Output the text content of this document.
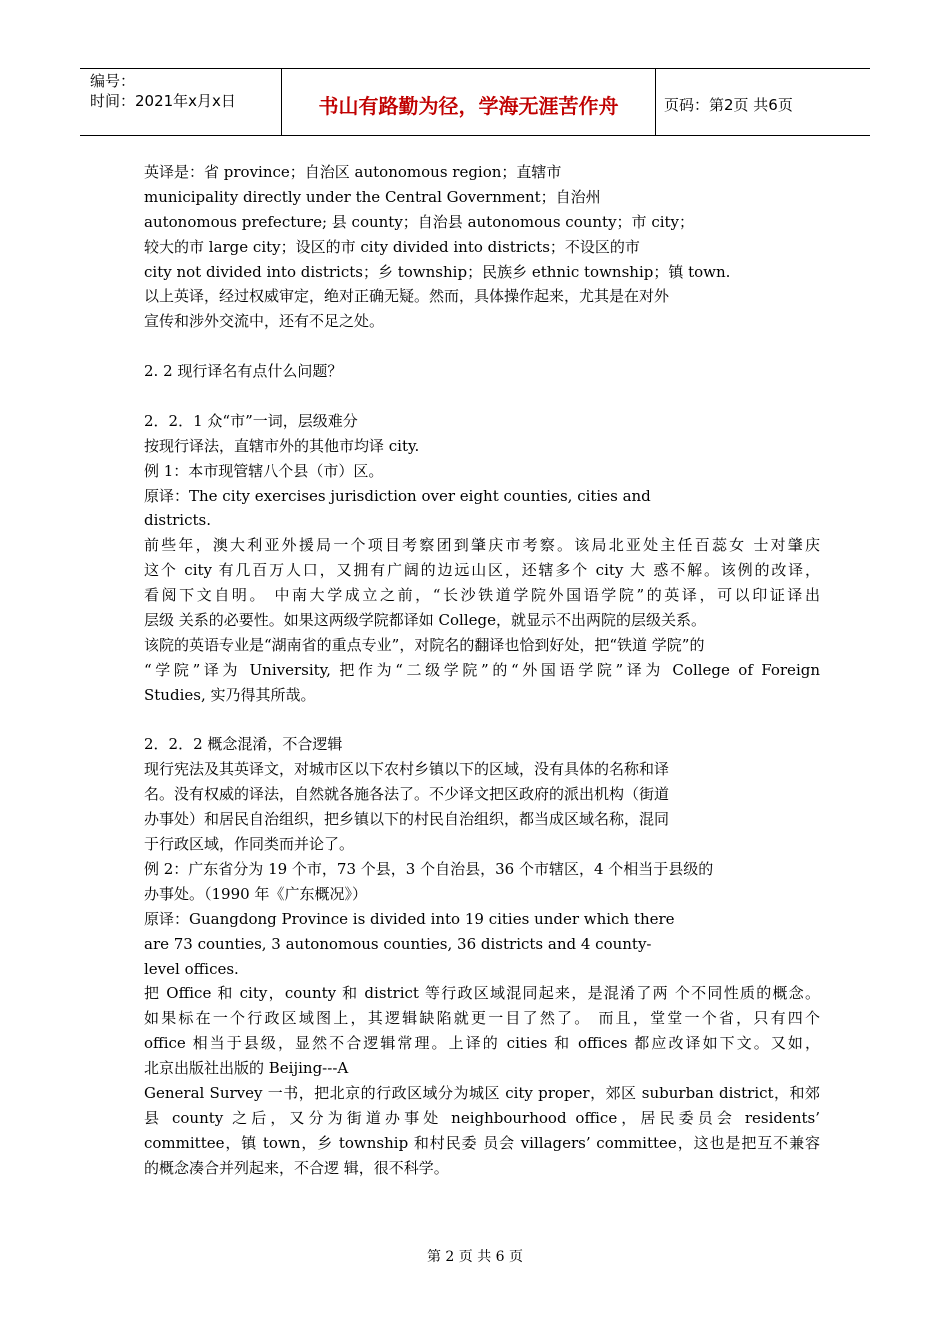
编号：
时间：2021年x月x日	书山有路勤为径，学海无涯苦作舟	页码：第2页 共6页
英译是：省 province；自治区 autonomous region；直辖市
municipality directly under the Central Government；自治州
autonomous prefecture; 县 county；自治县 autonomous county；市 city；
较大的市 large city；设区的市 city divided into districts；不设区的市
city not divided into districts；乡 township；民族乡 ethnic township；镇 town.
以上英译，经过权威审定，绝对正确无疑。然而，具体操作起来，尤其是在对外
宣传和涉外交流中，还有不足之处。
2. 2 现行译名有点什么问题？
2．2．1 众“市”一词，层级难分
按现行译法，直辖市外的其他市均译 city.
例 1：本市现管辖八个县（市）区。
原译：The city exercises jurisdiction over eight counties, cities and
districts.
前些年，澳大利亚外援局一个项目考察团到肇庆市考察。该局北亚处主任百蕊女 士对肇庆
这个 city 有几百万人口，又拥有广阔的边远山区，还辖多个 city 大 惑不解。该例的改译，
看阅下文自明。 中南大学成立之前，“长沙铁道学院外国语学院”的英译，可以印证译出
层级 关系的必要性。如果这两级学院都译如 College，就显示不出两院的层级关系。
该院的英语专业是“湖南省的重点专业”，对院名的翻译也恰到好处，把“铁道 学院”的
“学院”译为 University, 把作为“二级学院”的“外国语学院”译为 College of Foreign
Studies, 实乃得其所哉。
2．2．2 概念混淆，不合逻辑
现行宪法及其英译文，对城市区以下农村乡镇以下的区域，没有具体的名称和译
名。没有权威的译法，自然就各施各法了。不少译文把区政府的派出机构（街道
办事处）和居民自治组织，把乡镇以下的村民自治组织，都当成区域名称，混同
于行政区域，作同类而并论了。
例 2：广东省分为 19 个市，73 个县，3 个自治县，36 个市辖区，4 个相当于县级的
办事处。（1990 年《广东概况》）
原译：Guangdong Province is divided into 19 cities under which there
are 73 counties, 3 autonomous counties, 36 districts and 4 county-
level offices.
把 Office 和 city，county 和 district 等行政区域混同起来，是混淆了两 个不同性质的概念。
如果标在一个行政区域图上，其逻辑缺陷就更一目了然了。 而且，堂堂一个省，只有四个
office 相当于县级，显然不合逻辑常理。上译的 cities 和 offices 都应改译如下文。又如，
北京出版社出版的 Beijing---A
General Survey 一书，把北京的行政区域分为城区 city proper，郊区 suburban district，和郊
县 county 之后，又分为街道办事处 neighbourhood office，居民委员会 residents’
committee，镇 town，乡 township 和村民委 员会 villagers’ committee，这也是把互不兼容
的概念凑合并列起来，不合逻 辑，很不科学。
第 2 页 共 6 页
